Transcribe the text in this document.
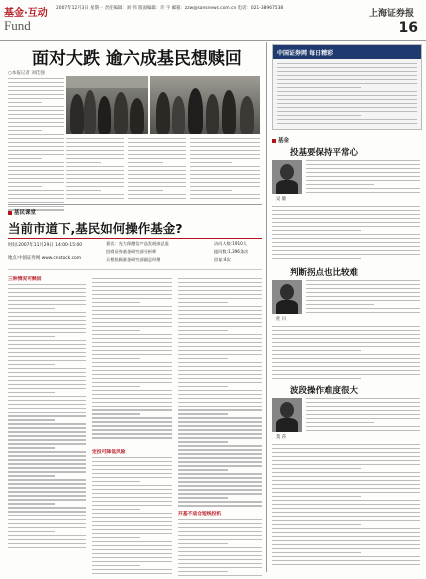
基金·互动
Fund
2007年12月3日 星期一 责任编辑：刘 伟 版面编辑：许 宇 邮箱：zzw@sansnews.com.cn 电话：021-38967538	上海证券报
16
面对大跌 逾六成基民想赎回
○本报记者 刘佳强
基民课堂
当前市道下,基民如何操作基金?
时间:2007年11月29日 14:00-15:00
地点:中国证券网 www.cnstock.com
嘉宾：光大保德信产品发展部总监
招商证券基金研究部分析师
天相投顾基金研究部副总经理
访问人数:1910人
提问数:1,396条次
回复:4次
三种情况可赎回
定投可降低风险
开基不适合短线投机
中国证券网 每日精彩
基金
投基要保持平常心
吴 敏
判断拐点也比较难
杜 川
波段操作难度很大
莫 莎
